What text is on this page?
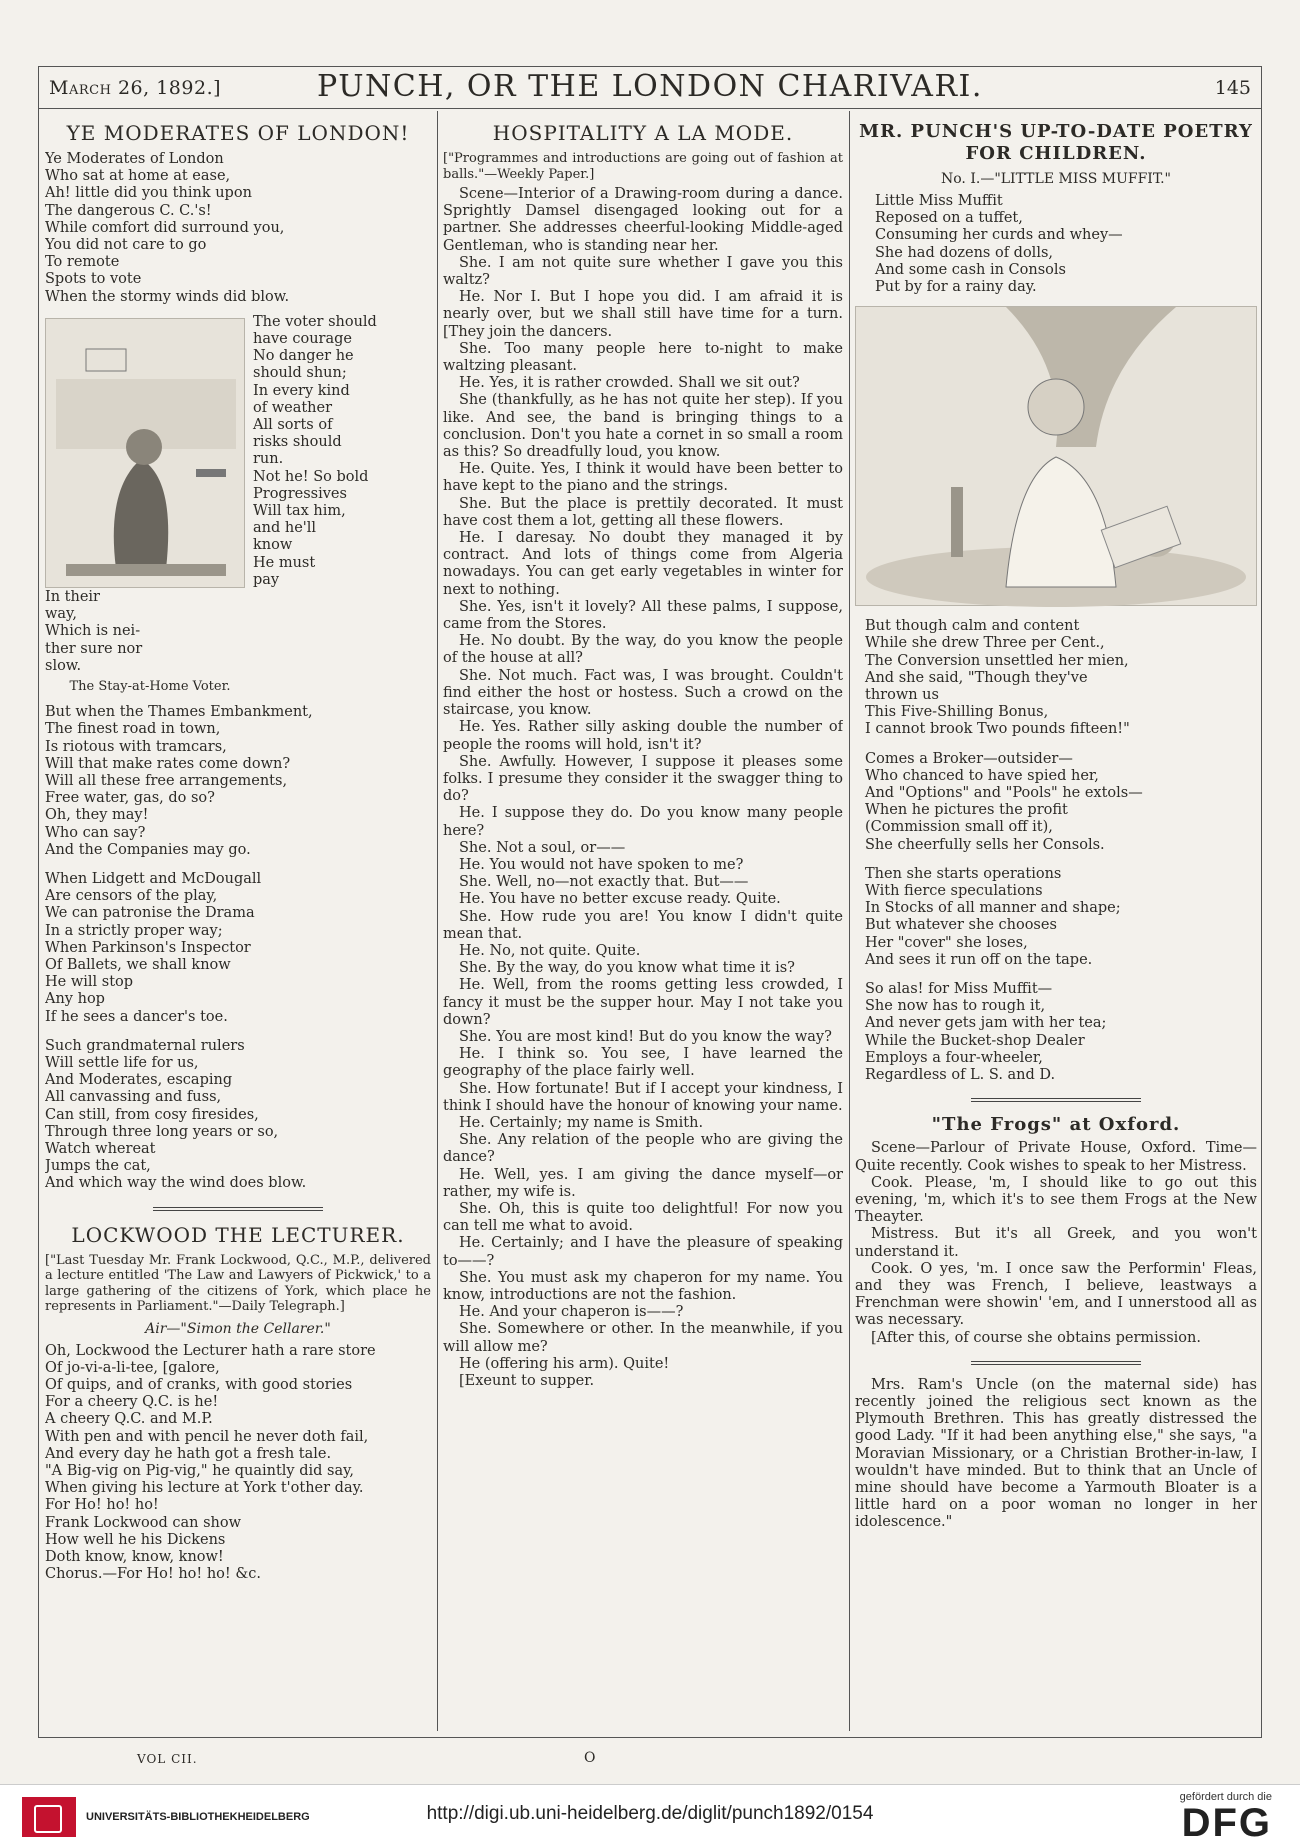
March 26, 1892.]	PUNCH, OR THE LONDON CHARIVARI.	145
YE MODERATES OF LONDON!
Ye Moderates of London
Who sat at home at ease,
Ah! little did you think upon
The dangerous C. C.'s!
While comfort did surround you,
You did not care to go
To remote
Spots to vote
When the stormy winds did blow.
The voter should
have courage
No danger he
should shun;
In every kind
of weather
All sorts of
risks should
run.
Not he! So bold
Progressives
Will tax him,
and he'll
know
He must
pay
In their
way,
Which is nei-
ther sure nor
slow.
The Stay-at-Home Voter.
But when the Thames Embankment,
The finest road in town,
Is riotous with tramcars,
Will that make rates come down?
Will all these free arrangements,
Free water, gas, do so?
Oh, they may!
Who can say?
And the Companies may go.
When Lidgett and McDougall
Are censors of the play,
We can patronise the Drama
In a strictly proper way;
When Parkinson's Inspector
Of Ballets, we shall know
He will stop
Any hop
If he sees a dancer's toe.
Such grandmaternal rulers
Will settle life for us,
And Moderates, escaping
All canvassing and fuss,
Can still, from cosy firesides,
Through three long years or so,
Watch whereat
Jumps the cat,
And which way the wind does blow.
LOCKWOOD THE LECTURER.
["Last Tuesday Mr. Frank Lockwood, Q.C., M.P., delivered a lecture entitled 'The Law and Lawyers of Pickwick,' to a large gathering of the citizens of York, which place he represents in Parliament."—Daily Telegraph.]
Air—"Simon the Cellarer."
Oh, Lockwood the Lecturer hath a rare store
Of jo-vi-a-li-tee, [galore,
Of quips, and of cranks, with good stories
For a cheery Q.C. is he!
A cheery Q.C. and M.P.
With pen and with pencil he never doth fail,
And every day he hath got a fresh tale.
"A Big-vig on Pig-vig," he quaintly did say,
When giving his lecture at York t'other day.
For Ho! ho! ho!
Frank Lockwood can show
How well he his Dickens
Doth know, know, know!
Chorus.—For Ho! ho! ho! &c.
HOSPITALITY A LA MODE.
["Programmes and introductions are going out of fashion at balls."—Weekly Paper.]

Scene—Interior of a Drawing-room during a dance. Sprightly Damsel disengaged looking out for a partner. She addresses cheerful-looking Middle-aged Gentleman, who is standing near her.

She. I am not quite sure whether I gave you this waltz?

He. Nor I. But I hope you did. I am afraid it is nearly over, but we shall still have time for a turn. [They join the dancers.

She. Too many people here to-night to make waltzing pleasant.

He. Yes, it is rather crowded. Shall we sit out?

She (thankfully, as he has not quite her step). If you like. And see, the band is bringing things to a conclusion. Don't you hate a cornet in so small a room as this? So dreadfully loud, you know.

He. Quite. Yes, I think it would have been better to have kept to the piano and the strings.

She. But the place is prettily decorated. It must have cost them a lot, getting all these flowers.

He. I daresay. No doubt they managed it by contract. And lots of things come from Algeria nowadays. You can get early vegetables in winter for next to nothing.

She. Yes, isn't it lovely? All these palms, I suppose, came from the Stores.

He. No doubt. By the way, do you know the people of the house at all?

She. Not much. Fact was, I was brought. Couldn't find either the host or hostess. Such a crowd on the staircase, you know.

He. Yes. Rather silly asking double the number of people the rooms will hold, isn't it?

She. Awfully. However, I suppose it pleases some folks. I presume they consider it the swagger thing to do?

He. I suppose they do. Do you know many people here?

She. Not a soul, or——

He. You would not have spoken to me?

She. Well, no—not exactly that. But——

He. You have no better excuse ready. Quite.

She. How rude you are! You know I didn't quite mean that.

He. No, not quite. Quite.

She. By the way, do you know what time it is?

He. Well, from the rooms getting less crowded, I fancy it must be the supper hour. May I not take you down?

She. You are most kind! But do you know the way?

He. I think so. You see, I have learned the geography of the place fairly well.

She. How fortunate! But if I accept your kindness, I think I should have the honour of knowing your name.

He. Certainly; my name is Smith.

She. Any relation of the people who are giving the dance?

He. Well, yes. I am giving the dance myself—or rather, my wife is.

She. Oh, this is quite too delightful! For now you can tell me what to avoid.

He. Certainly; and I have the pleasure of speaking to——?

She. You must ask my chaperon for my name. You know, introductions are not the fashion.

He. And your chaperon is——?

She. Somewhere or other. In the meanwhile, if you will allow me?

He (offering his arm). Quite!

[Exeunt to supper.

MR. PUNCH'S UP-TO-DATE POETRY FOR CHILDREN.
No. I.—"LITTLE MISS MUFFIT."
Little Miss Muffit
Reposed on a tuffet,
Consuming her curds and whey—
She had dozens of dolls,
And some cash in Consols
Put by for a rainy day.
But though calm and content
While she drew Three per Cent.,
The Conversion unsettled her mien,
And she said, "Though they've
thrown us
This Five-Shilling Bonus,
I cannot brook Two pounds fifteen!"
Comes a Broker—outsider—
Who chanced to have spied her,
And "Options" and "Pools" he extols—
When he pictures the profit
(Commission small off it),
She cheerfully sells her Consols.
Then she starts operations
With fierce speculations
In Stocks of all manner and shape;
But whatever she chooses
Her "cover" she loses,
And sees it run off on the tape.
So alas! for Miss Muffit—
She now has to rough it,
And never gets jam with her tea;
While the Bucket-shop Dealer
Employs a four-wheeler,
Regardless of L. S. and D.
"The Frogs" at Oxford.

Scene—Parlour of Private House, Oxford. Time—Quite recently. Cook wishes to speak to her Mistress.

Cook. Please, 'm, I should like to go out this evening, 'm, which it's to see them Frogs at the New Theayter.

Mistress. But it's all Greek, and you won't understand it.

Cook. O yes, 'm. I once saw the Performin' Fleas, and they was French, I believe, leastways a Frenchman were showin' 'em, and I unnerstood all as was necessary.

[After this, of course she obtains permission.

Mrs. Ram's Uncle (on the maternal side) has recently joined the religious sect known as the Plymouth Brethren. This has greatly distressed the good Lady. "If it had been anything else," she says, "a Moravian Missionary, or a Christian Brother-in-law, I wouldn't have minded. But to think that an Uncle of mine should have become a Yarmouth Bloater is a little hard on a poor woman no longer in her idolescence."

VOL CII.	O
UNIVERSITÄTS-BIBLIOTHEKHEIDELBERG	http://digi.ub.uni-heidelberg.de/diglit/punch1892/0154
gefördert durch die
DFG
